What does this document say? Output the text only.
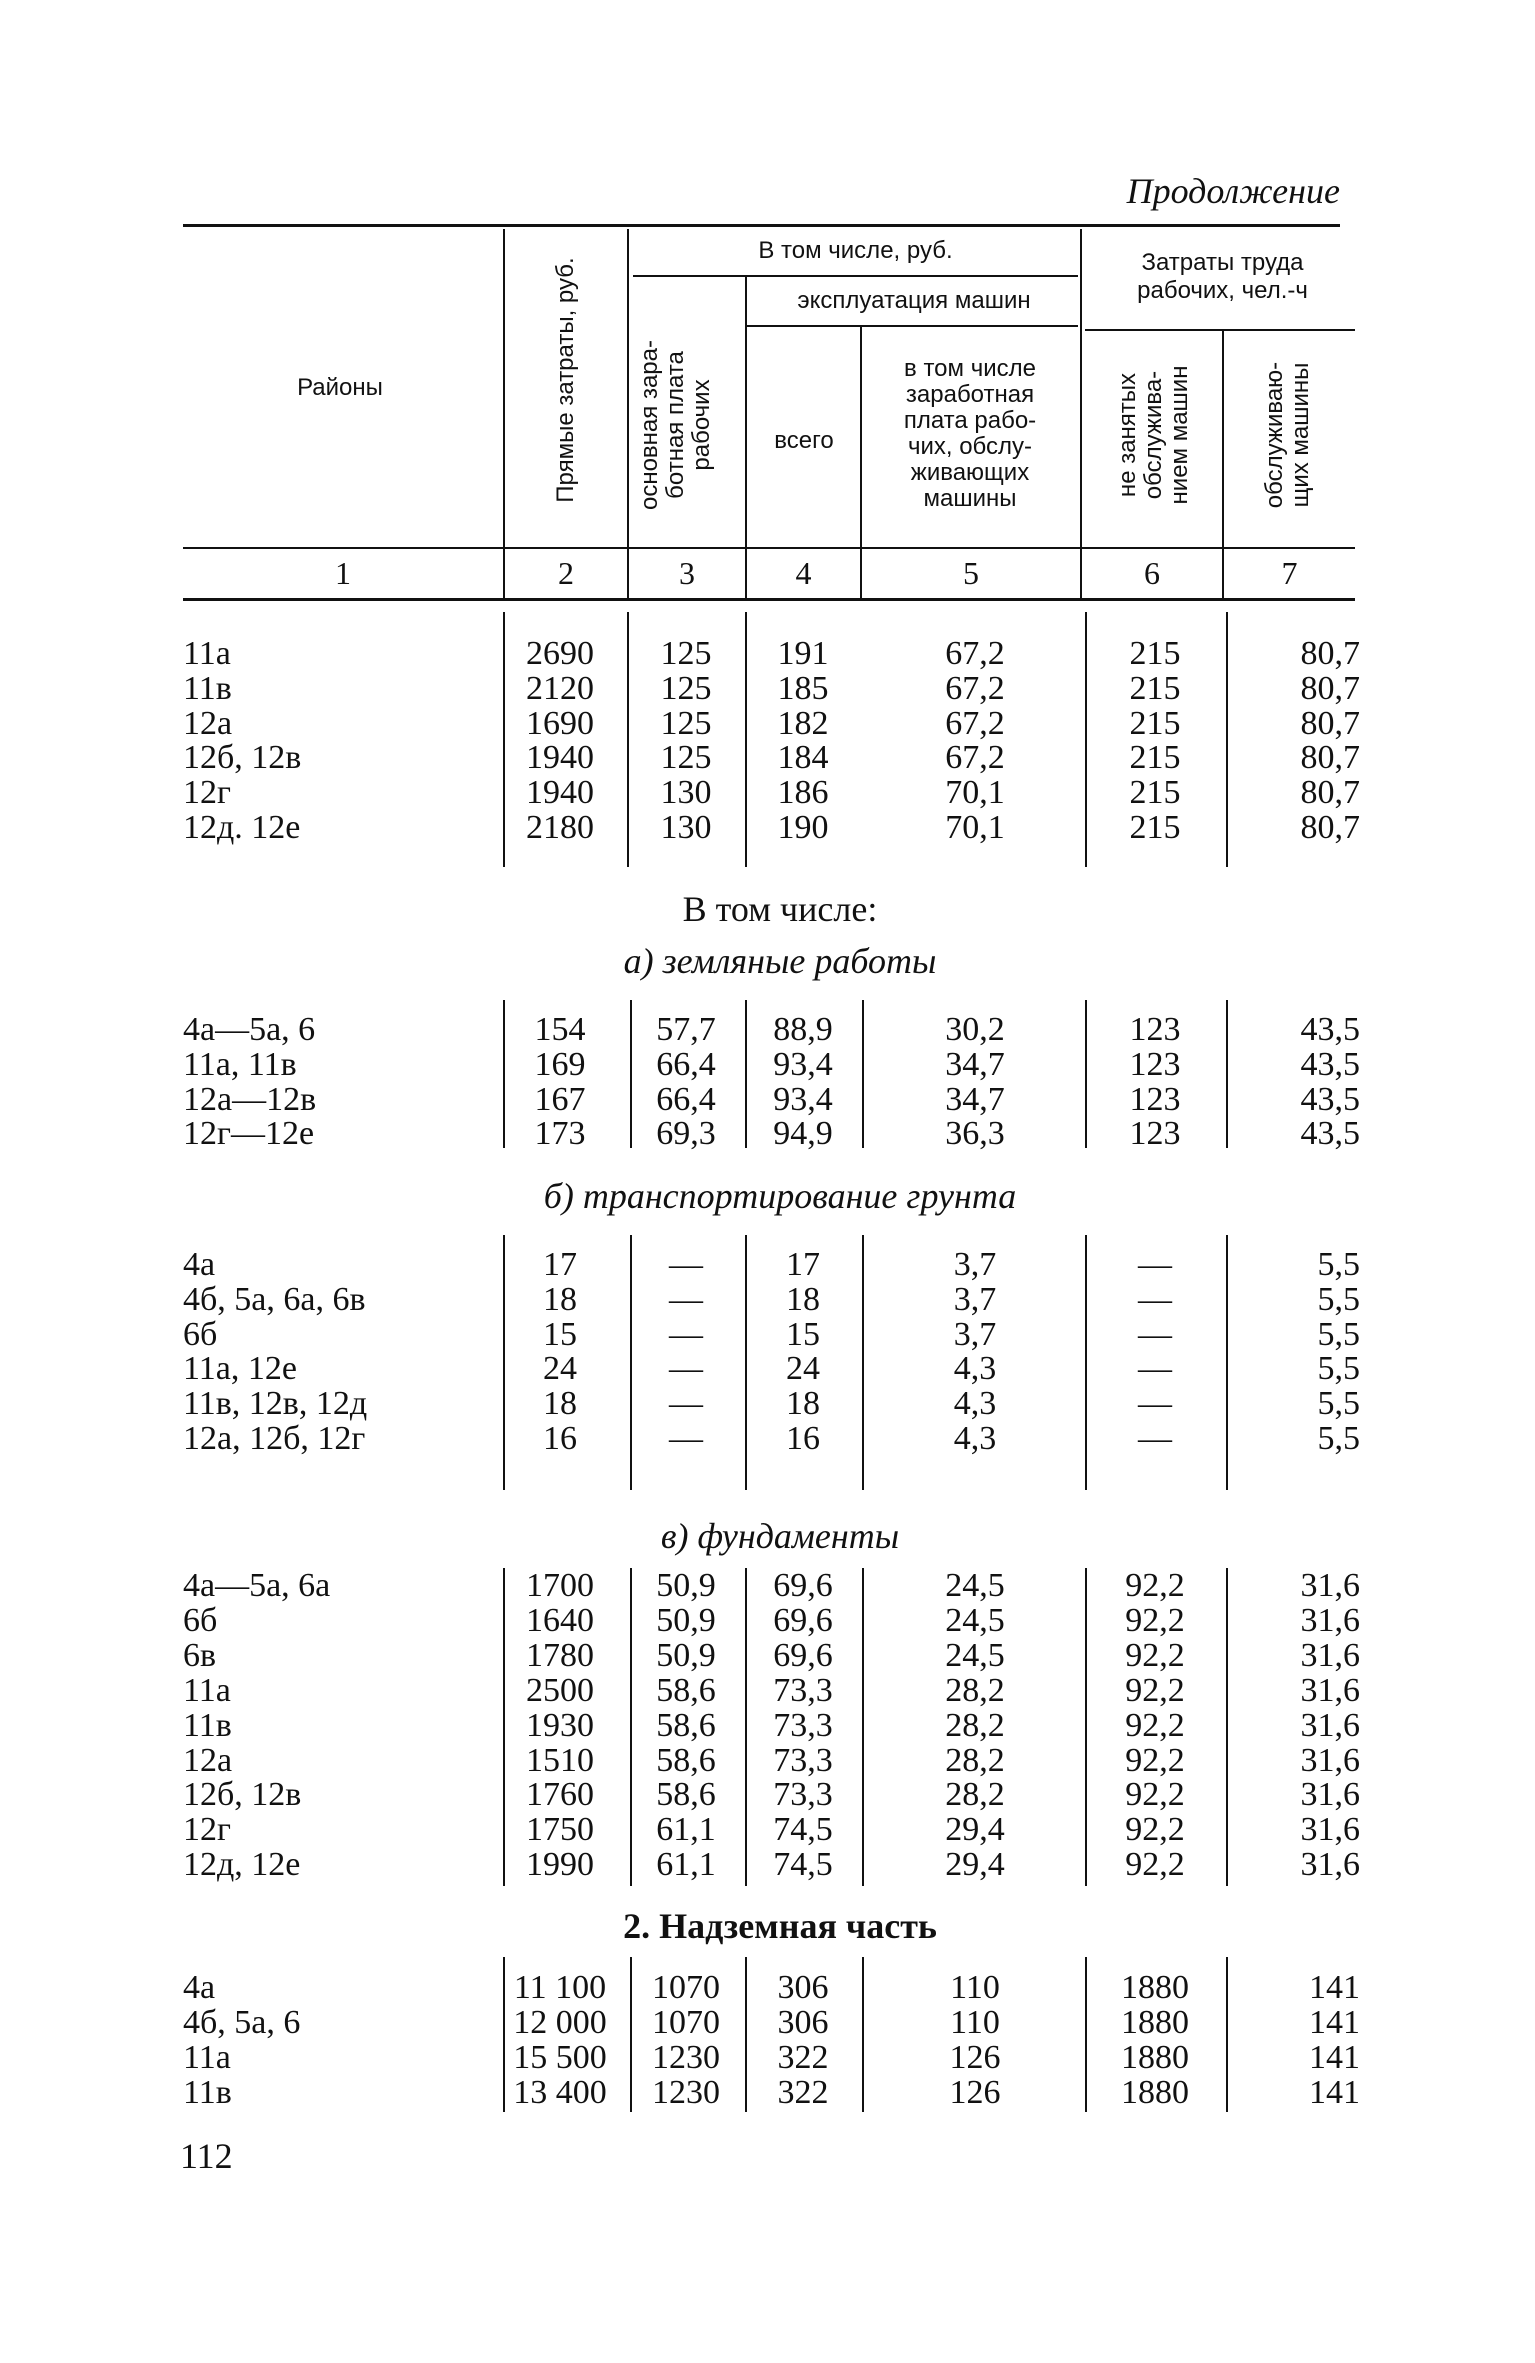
Продолжение
Районы	Прямые затраты, руб.
В том числе, руб.
эксплуатация машин
основная зара- ботная плата рабочих	всего
в том числе
заработная
плата рабо-
чих, обслу-
живающих
машины
Затраты труда
рабочих, чел.-ч
не занятых обслужива- нием машин	обслуживаю- щих машины
1	2	3	4	5	6	7
В том числе:
а) земляные работы
б) транспортирование грунта
в) фундаменты
2. Надземная часть
11а	2690	125	191	67,2	215	80,7
11в	2120	125	185	67,2	215	80,7
12а	1690	125	182	67,2	215	80,7
12б, 12в	1940	125	184	67,2	215	80,7
12г	1940	130	186	70,1	215	80,7
12д. 12е	2180	130	190	70,1	215	80,7
4а—5а, 6	154	57,7	88,9	30,2	123	43,5
11а, 11в	169	66,4	93,4	34,7	123	43,5
12а—12в	167	66,4	93,4	34,7	123	43,5
12г—12е	173	69,3	94,9	36,3	123	43,5
4а	17	—	17	3,7	—	5,5
4б, 5а, 6а, 6в	18	—	18	3,7	—	5,5
6б	15	—	15	3,7	—	5,5
11а, 12е	24	—	24	4,3	—	5,5
11в, 12в, 12д	18	—	18	4,3	—	5,5
12а, 12б, 12г	16	—	16	4,3	—	5,5
4а—5а, 6а	1700	50,9	69,6	24,5	92,2	31,6
6б	1640	50,9	69,6	24,5	92,2	31,6
6в	1780	50,9	69,6	24,5	92,2	31,6
11а	2500	58,6	73,3	28,2	92,2	31,6
11в	1930	58,6	73,3	28,2	92,2	31,6
12а	1510	58,6	73,3	28,2	92,2	31,6
12б, 12в	1760	58,6	73,3	28,2	92,2	31,6
12г	1750	61,1	74,5	29,4	92,2	31,6
12д, 12е	1990	61,1	74,5	29,4	92,2	31,6
4а	11 100	1070	306	110	1880	141
4б, 5а, 6	12 000	1070	306	110	1880	141
11а	15 500	1230	322	126	1880	141
11в	13 400	1230	322	126	1880	141
112
